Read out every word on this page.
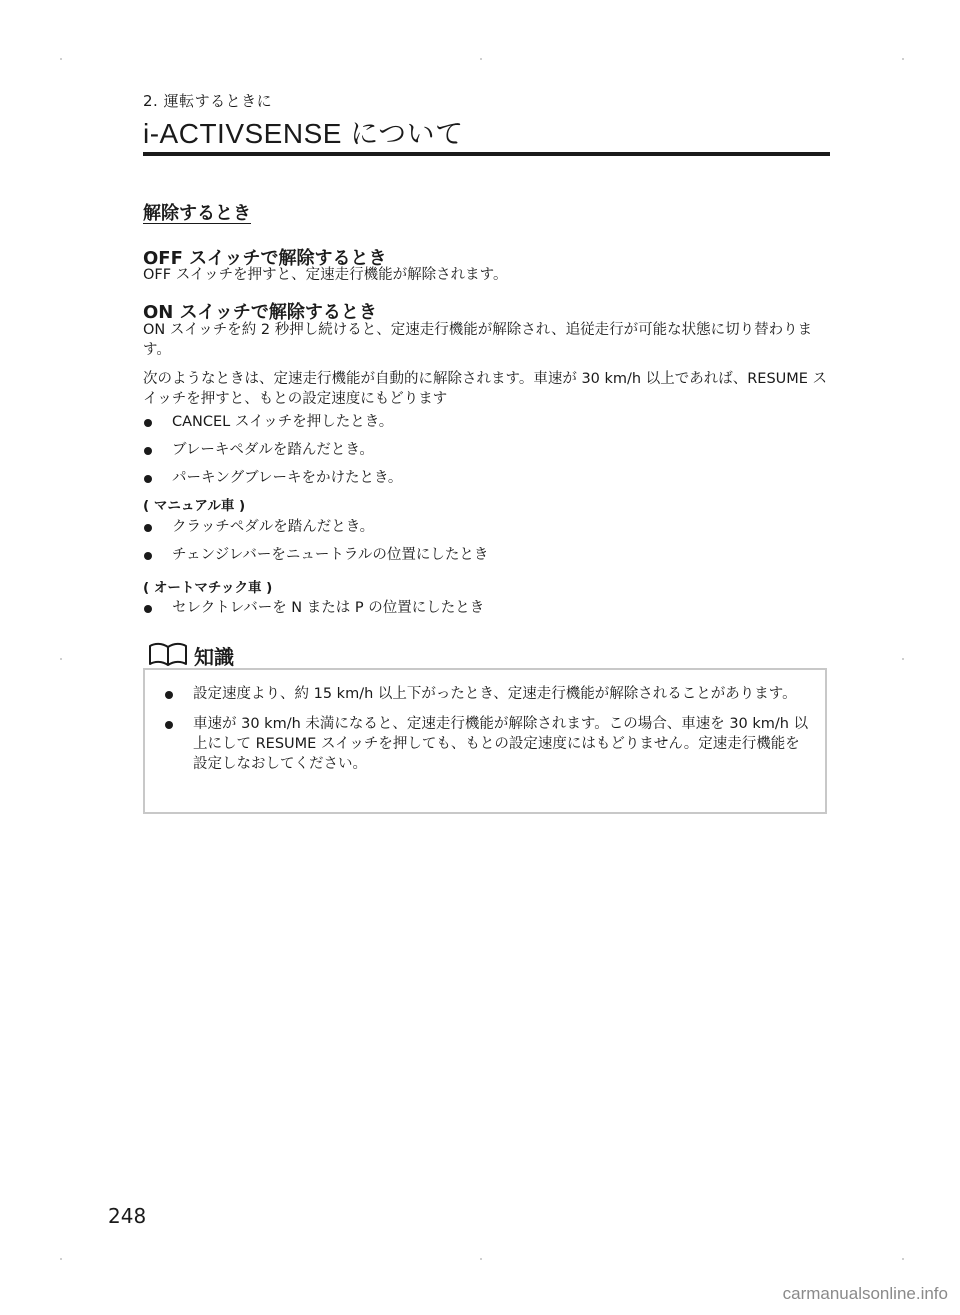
2. 運転するときに
i-ACTIVSENSE について
解除するとき
OFF スイッチで解除するとき
OFF スイッチを押すと、定速走行機能が解除されます。
ON スイッチで解除するとき
ON スイッチを約 2 秒押し続けると、定速走行機能が解除され、追従走行が可能な状態に切り替わります。
次のようなときは、定速走行機能が自動的に解除されます。車速が 30 km/h 以上であれば、RESUME スイッチを押すと、もとの設定速度にもどります
CANCEL スイッチを押したとき。
ブレーキペダルを踏んだとき。
パーキングブレーキをかけたとき。
( マニュアル車 )
クラッチペダルを踏んだとき。
チェンジレバーをニュートラルの位置にしたとき
( オートマチック車 )
セレクトレバーを N または P の位置にしたとき
知識
設定速度より、約 15 km/h 以上下がったとき、定速走行機能が解除されることがあります。
車速が 30 km/h 未満になると、定速走行機能が解除されます。この場合、車速を 30 km/h 以上にして RESUME スイッチを押しても、もとの設定速度にはもどりません。定速走行機能を設定しなおしてください。
248
carmanualsonline.info
